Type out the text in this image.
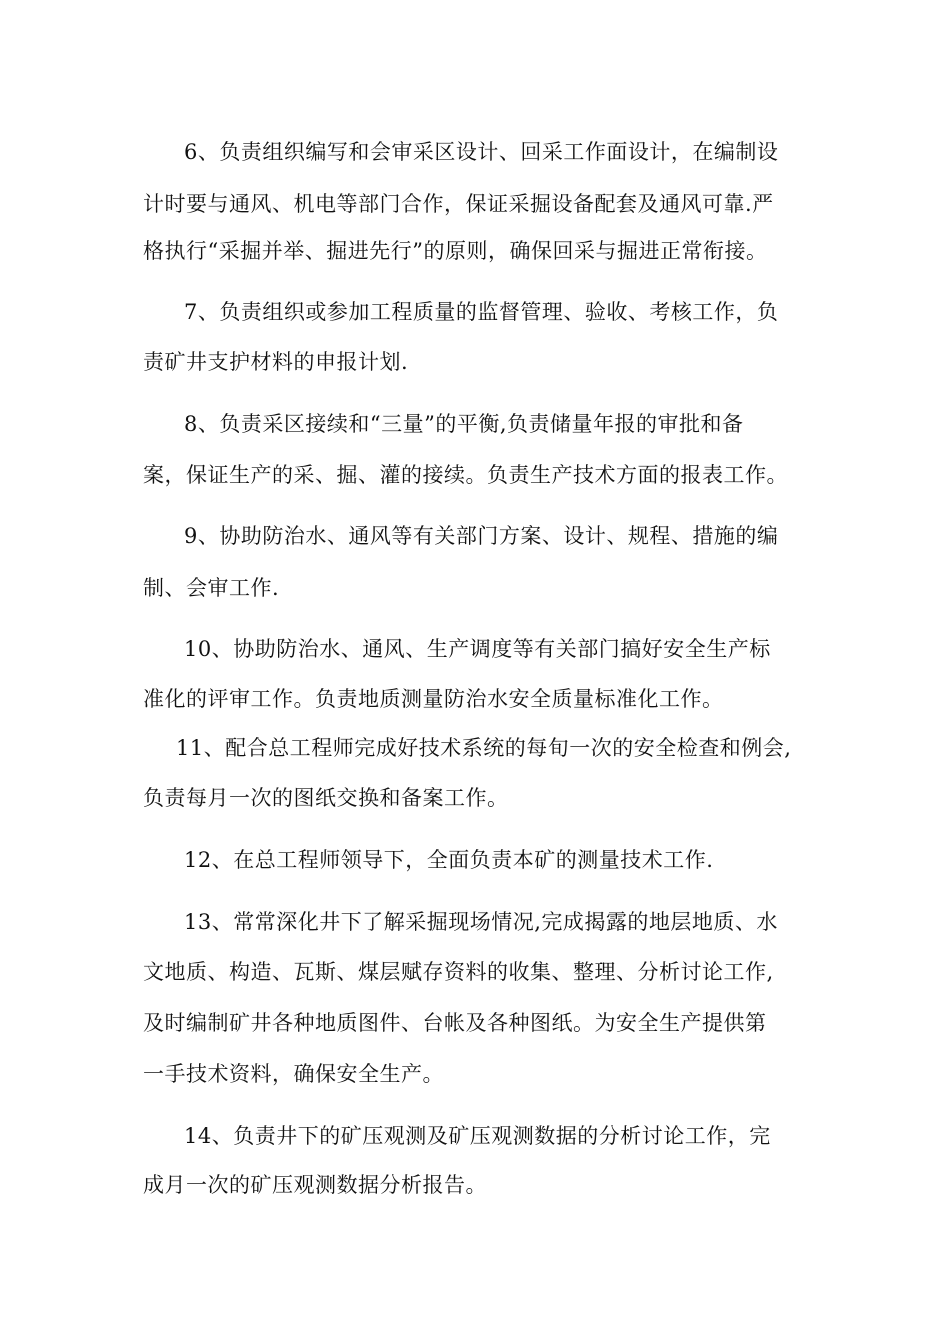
6、负责组织编写和会审采区设计、回采工作面设计，在编制设
计时要与通风、机电等部门合作，保证采掘设备配套及通风可靠.严
格执行“采掘并举、掘进先行”的原则，确保回采与掘进正常衔接。
7、负责组织或参加工程质量的监督管理、验收、考核工作，负
责矿井支护材料的申报计划.
8、负责采区接续和“三量”的平衡,负责储量年报的审批和备
案，保证生产的采、掘、灌的接续。负责生产技术方面的报表工作。
9、协助防治水、通风等有关部门方案、设计、规程、措施的编
制、会审工作.
10、协助防治水、通风、生产调度等有关部门搞好安全生产标
准化的评审工作。负责地质测量防治水安全质量标准化工作。
11、配合总工程师完成好技术系统的每旬一次的安全检查和例会,
负责每月一次的图纸交换和备案工作。
12、在总工程师领导下，全面负责本矿的测量技术工作.
13、常常深化井下了解采掘现场情况,完成揭露的地层地质、水
文地质、构造、瓦斯、煤层赋存资料的收集、整理、分析讨论工作,
及时编制矿井各种地质图件、台帐及各种图纸。为安全生产提供第
一手技术资料，确保安全生产。
14、负责井下的矿压观测及矿压观测数据的分析讨论工作，完
成月一次的矿压观测数据分析报告。
